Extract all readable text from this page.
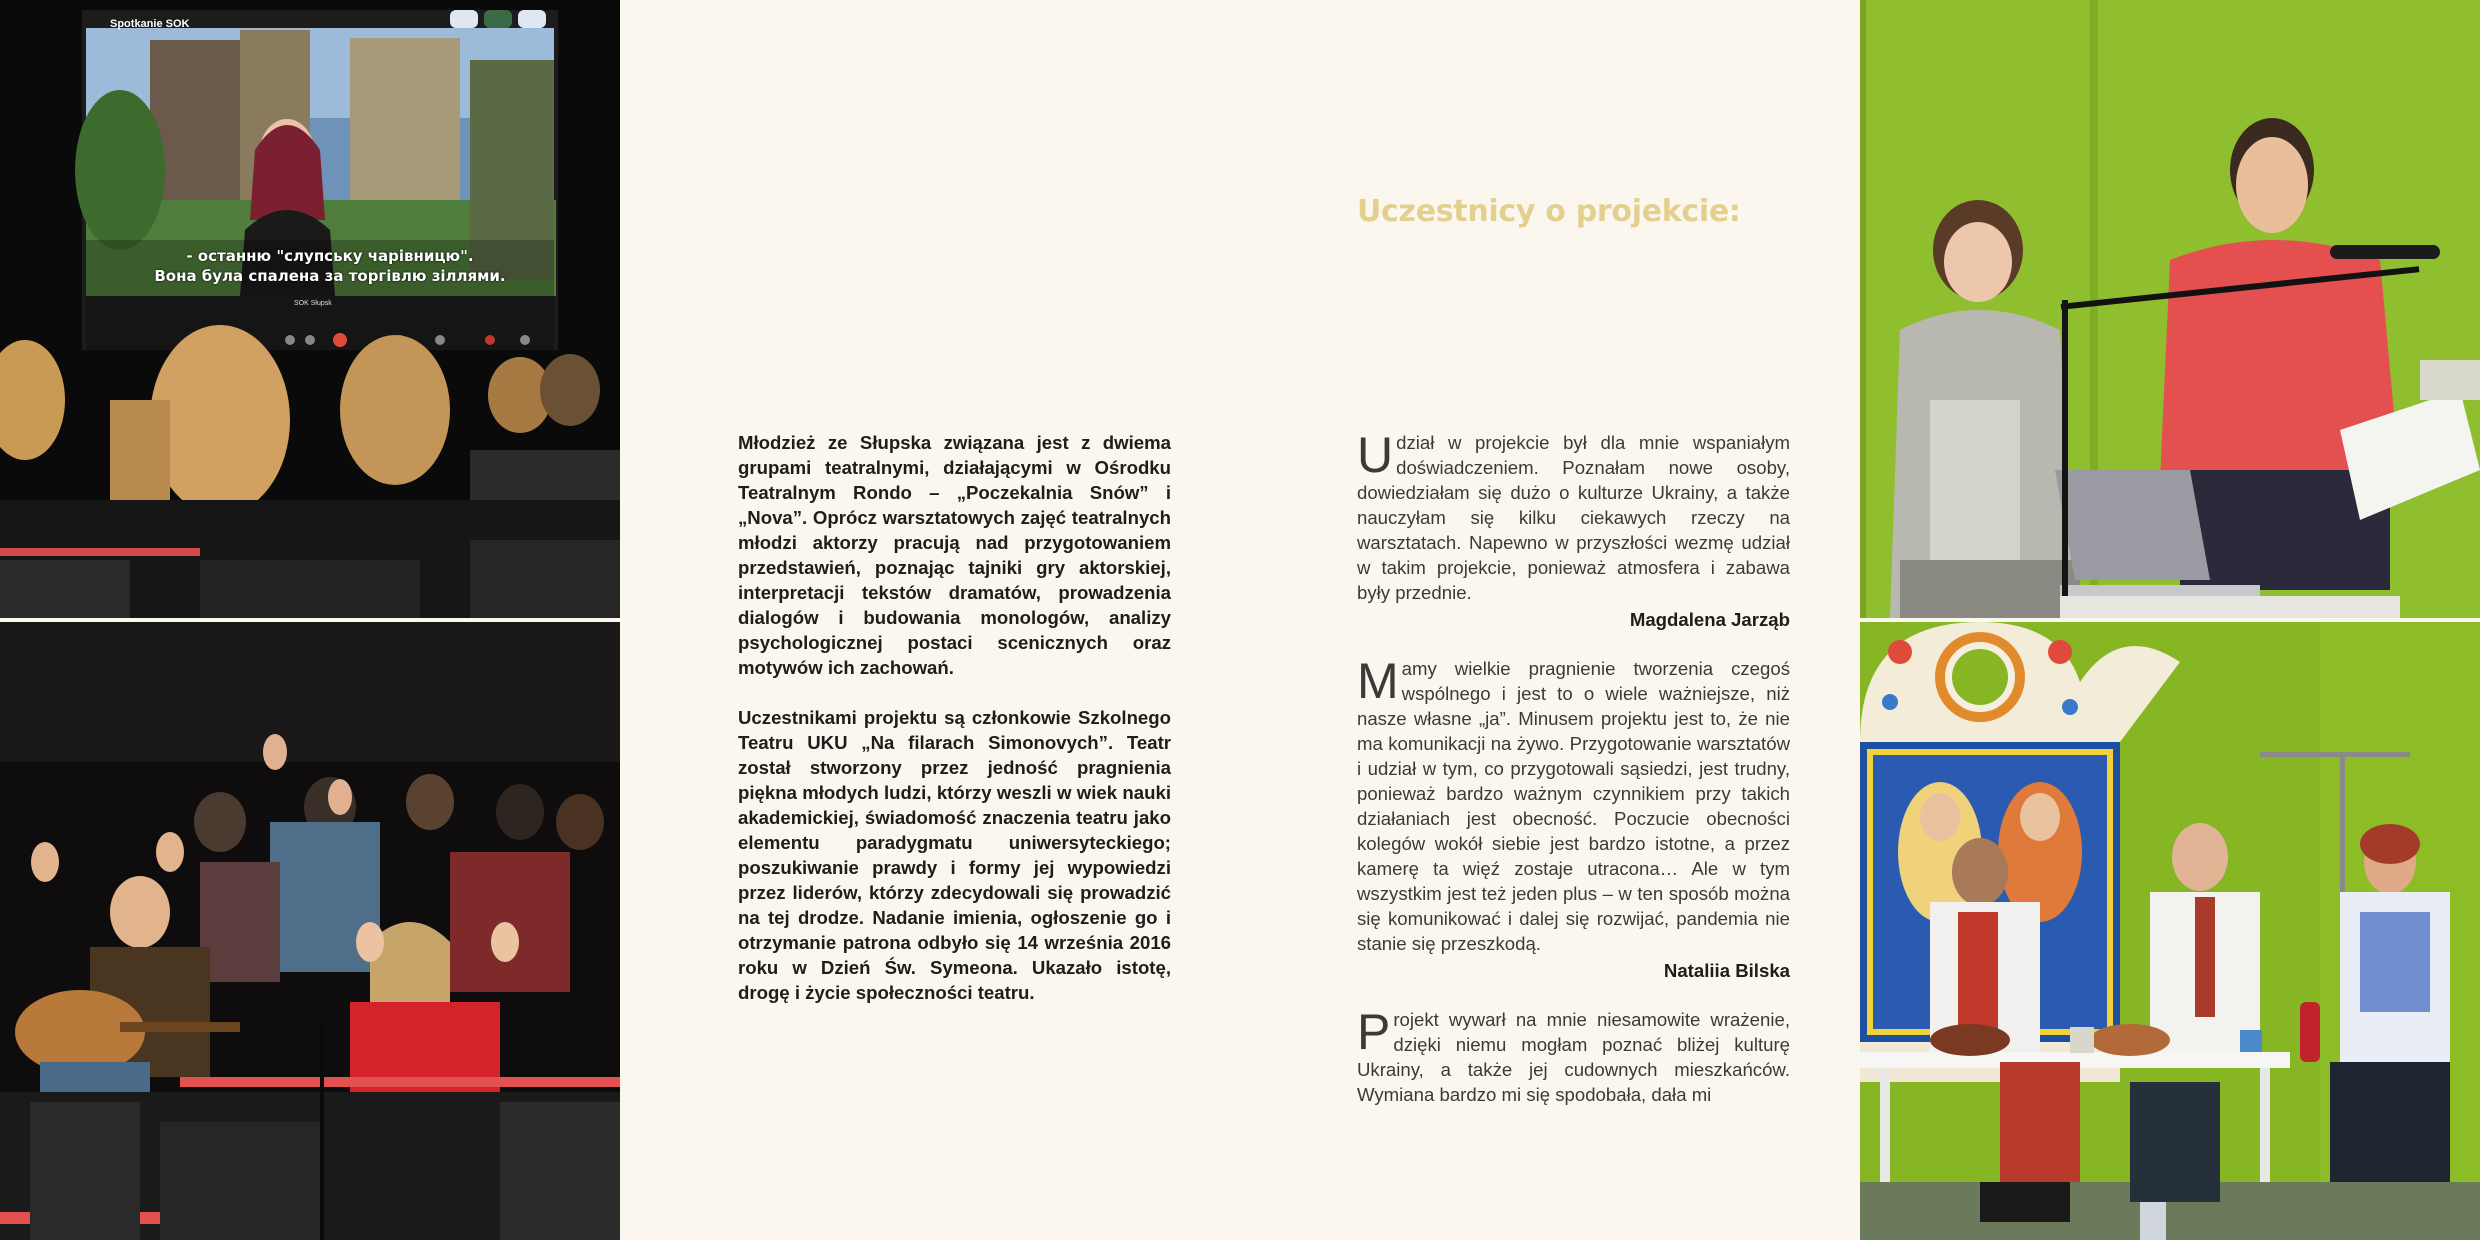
Spotkanie SOK
- останню "слупську чарівницю".
Вона була спалена за торгівлю зіллями.
SOK Słupsk

Młodzież ze Słupska związana jest z dwiema grupami teatralnymi, działającymi w Ośrodku Teatralnym Rondo – „Poczekalnia Snów” i „Nova”. Oprócz warsztatowych zajęć teatralnych młodzi aktorzy pracują nad przygotowaniem przedstawień, poznając tajniki gry aktorskiej, interpretacji tekstów dramatów, prowadzenia dialogów i budowania monologów, analizy psychologicznej postaci scenicznych oraz motywów ich zachowań.

Uczestnikami projektu są członkowie Szkolnego Teatru UKU „Na filarach Simonovych”. Teatr został stworzony przez jedność pragnienia piękna młodych ludzi, którzy weszli w wiek nauki akademickiej, świadomość znaczenia teatru jako elementu paradygmatu uniwersyteckiego; poszukiwanie prawdy i formy jej wypowiedzi przez liderów, którzy zdecydowali się prowadzić na tej drodze. Nadanie imienia, ogłoszenie go i otrzymanie patrona odbyło się 14 września 2016 roku w Dzień Św. Symeona. Ukazało istotę, drogę i życie społeczności teatru.

Uczestnicy o projekcie:

Udział w projekcie był dla mnie wspaniałym doświadczeniem. Poznałam nowe osoby, dowiedziałam się dużo o kulturze Ukrainy, a także nauczyłam się kilku ciekawych rzeczy na warsztatach. Napewno w przyszłości wezmę udział w takim projekcie, ponieważ atmosfera i zabawa były przednie.

Magdalena Jarząb

Mamy wielkie pragnienie tworzenia czegoś wspólnego i jest to o wiele ważniejsze, niż nasze własne „ja”. Minusem projektu jest to, że nie ma komunikacji na żywo. Przygotowanie warsztatów i udział w tym, co przygotowali sąsiedzi, jest trudny, ponieważ bardzo ważnym czynnikiem przy takich działaniach jest obecność. Poczucie obecności kolegów wokół siebie jest bardzo istotne, a przez kamerę ta więź zostaje utracona… Ale w tym wszystkim jest też jeden plus – w ten sposób można się komunikować i dalej się rozwijać, pandemia nie stanie się przeszkodą.

Nataliia Bilska

Projekt wywarł na mnie niesamowite wrażenie, dzięki niemu mogłam poznać bliżej kulturę Ukrainy, a także jej cudownych mieszkańców. Wymiana bardzo mi się spodobała, dała mi
